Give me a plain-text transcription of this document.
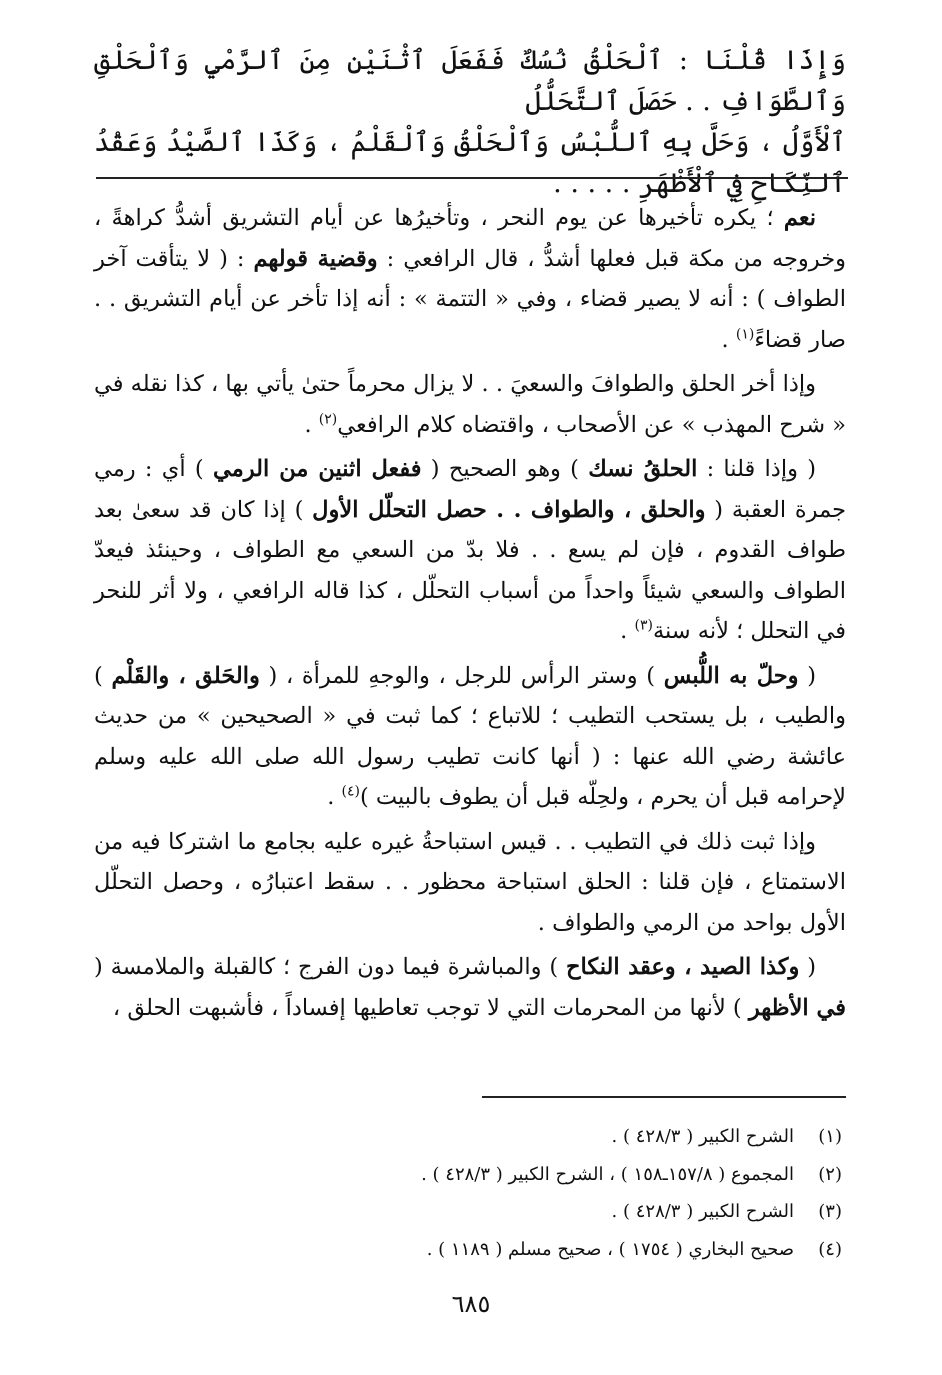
وَإِذَا قُلْنَا : ٱلْحَلْقُ نُسُكٌ فَفَعَلَ ٱثْنَيْنِ مِنَ ٱلرَّمْيِ وَٱلْحَلْقِ وَٱلطَّوَافِ . . حَصَلَ ٱلتَّحَلُّلُ
ٱلْأَوَّلُ ، وَحَلَّ بِهِ ٱللُّبْسُ وَٱلْحَلْقُ وَٱلْقَلْمُ ، وَكَذَا ٱلصَّيْدُ وَعَقْدُ ٱلنِّكَاحِ فِي ٱلْأَظْهَرِ . . . . .

نعم ؛ يكره تأخيرها عن يوم النحر ، وتأخيرُها عن أيام التشريق أشدُّ كراهةً ، وخروجه من مكة قبل فعلها أشدُّ ، قال الرافعي : وقضية قولهم : ( لا يتأقت آخر الطواف ) : أنه لا يصير قضاء ، وفي « التتمة » : أنه إذا تأخر عن أيام التشريق . . صار قضاءً$^{(١)}$ .

وإذا أخر الحلق والطوافَ والسعيَ . . لا يزال محرماً حتىٰ يأتي بها ، كذا نقله في « شرح المهذب » عن الأصحاب ، واقتضاه كلام الرافعي$^{(٢)}$ .

( وإذا قلنا : الحلقُ نسك ) وهو الصحيح ( ففعل اثنين من الرمي ) أي : رمي جمرة العقبة ( والحلق ، والطواف . . حصل التحلّل الأول ) إذا كان قد سعىٰ بعد طواف القدوم ، فإن لم يسع . . فلا بدّ من السعي مع الطواف ، وحينئذ فيعدّ الطواف والسعي شيئاً واحداً من أسباب التحلّل ، كذا قاله الرافعي ، ولا أثر للنحر في التحلل ؛ لأنه سنة$^{(٣)}$ .

( وحلّ به اللُّبس ) وستر الرأس للرجل ، والوجهِ للمرأة ، ( والحَلق ، والقَلْم ) والطيب ، بل يستحب التطيب ؛ للاتباع ؛ كما ثبت في « الصحيحين » من حديث عائشة رضي الله عنها : ( أنها كانت تطيب رسول الله صلى الله عليه وسلم لإحرامه قبل أن يحرم ، ولحِلّه قبل أن يطوف بالبيت )$^{(٤)}$ .

وإذا ثبت ذلك في التطيب . . قيس استباحةُ غيره عليه بجامع ما اشتركا فيه من الاستمتاع ، فإن قلنا : الحلق استباحة محظور . . سقط اعتبارُه ، وحصل التحلّل الأول بواحد من الرمي والطواف .

( وكذا الصيد ، وعقد النكاح ) والمباشرة فيما دون الفرج ؛ كالقبلة والملامسة ( في الأظهر ) لأنها من المحرمات التي لا توجب تعاطيها إفساداً ، فأشبهت الحلق ،

(١)
الشرح الكبير ( ٤٢٨/٣ ) .
(٢)
المجموع ( ١٥٧/٨ـ١٥٨ ) ، الشرح الكبير ( ٤٢٨/٣ ) .
(٣)
الشرح الكبير ( ٤٢٨/٣ ) .
(٤)
صحيح البخاري ( ١٧٥٤ ) ، صحيح مسلم ( ١١٨٩ ) .
٦٨٥
